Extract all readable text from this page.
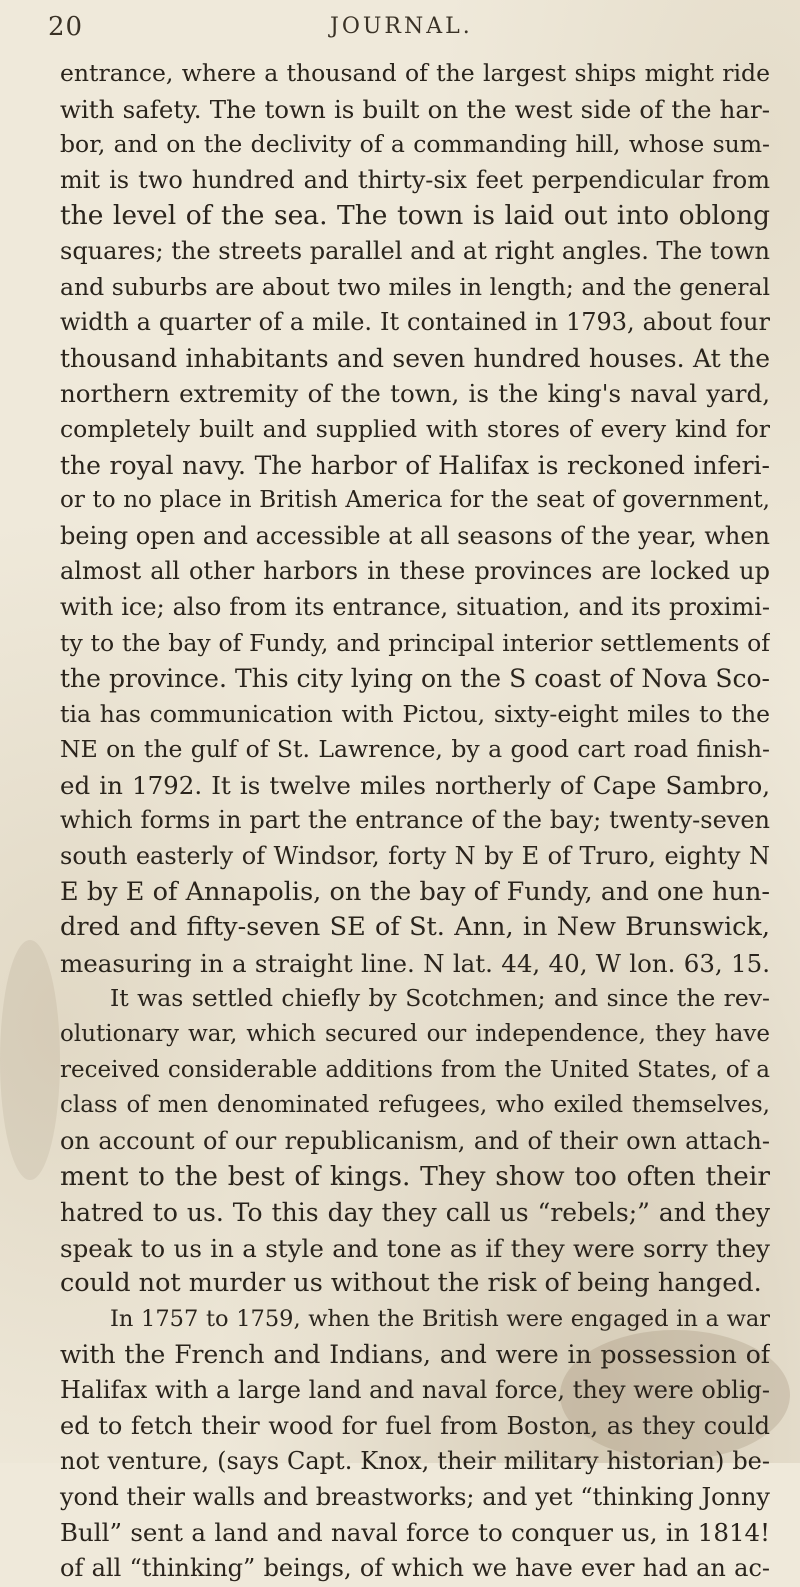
20	JOURNAL.
entrance, where a thousand of the largest ships might ride
with safety. The town is built on the west side of the har-
bor, and on the declivity of a commanding hill, whose sum-
mit is two hundred and thirty-six feet perpendicular from
the level of the sea. The town is laid out into oblong
squares; the streets parallel and at right angles. The town
and suburbs are about two miles in length; and the general
width a quarter of a mile. It contained in 1793, about four
thousand inhabitants and seven hundred houses. At the
northern extremity of the town, is the king's naval yard,
completely built and supplied with stores of every kind for
the royal navy. The harbor of Halifax is reckoned inferi-
or to no place in British America for the seat of government,
being open and accessible at all seasons of the year, when
almost all other harbors in these provinces are locked up
with ice; also from its entrance, situation, and its proximi-
ty to the bay of Fundy, and principal interior settlements of
the province. This city lying on the S coast of Nova Sco-
tia has communication with Pictou, sixty-eight miles to the
NE on the gulf of St. Lawrence, by a good cart road finish-
ed in 1792. It is twelve miles northerly of Cape Sambro,
which forms in part the entrance of the bay; twenty-seven
south easterly of Windsor, forty N by E of Truro, eighty N
E by E of Annapolis, on the bay of Fundy, and one hun-
dred and fifty-seven SE of St. Ann, in New Brunswick,
measuring in a straight line. N lat. 44, 40, W lon. 63, 15.
It was settled chiefly by Scotchmen; and since the rev-
olutionary war, which secured our independence, they have
received considerable additions from the United States, of a
class of men denominated refugees, who exiled themselves,
on account of our republicanism, and of their own attach-
ment to the best of kings. They show too often their
hatred to us. To this day they call us “rebels;” and they
speak to us in a style and tone as if they were sorry they
could not murder us without the risk of being hanged.
In 1757 to 1759, when the British were engaged in a war
with the French and Indians, and were in possession of
Halifax with a large land and naval force, they were oblig-
ed to fetch their wood for fuel from Boston, as they could
not venture, (says Capt. Knox, their military historian) be-
yond their walls and breastworks; and yet “thinking Jonny
Bull” sent a land and naval force to conquer us, in 1814!
of all “thinking” beings, of which we have ever had an ac-
